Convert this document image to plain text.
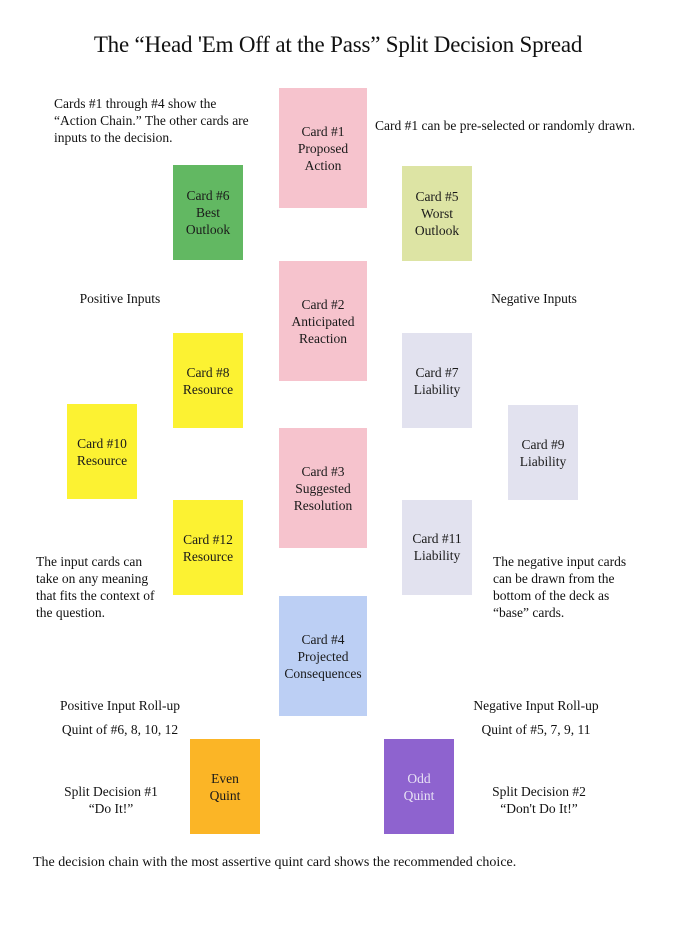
The “Head 'Em Off at the Pass” Split Decision Spread
Cards #1 through #4 show the “Action Chain.” The other cards are inputs to the decision.
Card #1 can be pre-selected or randomly drawn.
The input cards can take on any meaning that fits the context of the question.
The negative input cards can be drawn from the bottom of the deck as “base” cards.
The decision chain with the most assertive quint card shows the recommended choice.
Positive Inputs	Negative Inputs
Positive Input Roll-up
Quint of #6, 8, 10, 12
Negative Input Roll-up
Quint of #5, 7, 9, 11
Split Decision #1
“Do It!”
Split Decision #2
“Don't Do It!”
Card #1
Proposed
Action
Card #2
Anticipated
Reaction
Card #3
Suggested
Resolution
Card #4
Projected
Consequences
Card #6
Best
Outlook
Card #5
Worst
Outlook
Card #8
Resource
Card #10
Resource
Card #12
Resource
Card #7
Liability
Card #9
Liability
Card #11
Liability
Even
Quint
Odd
Quint
